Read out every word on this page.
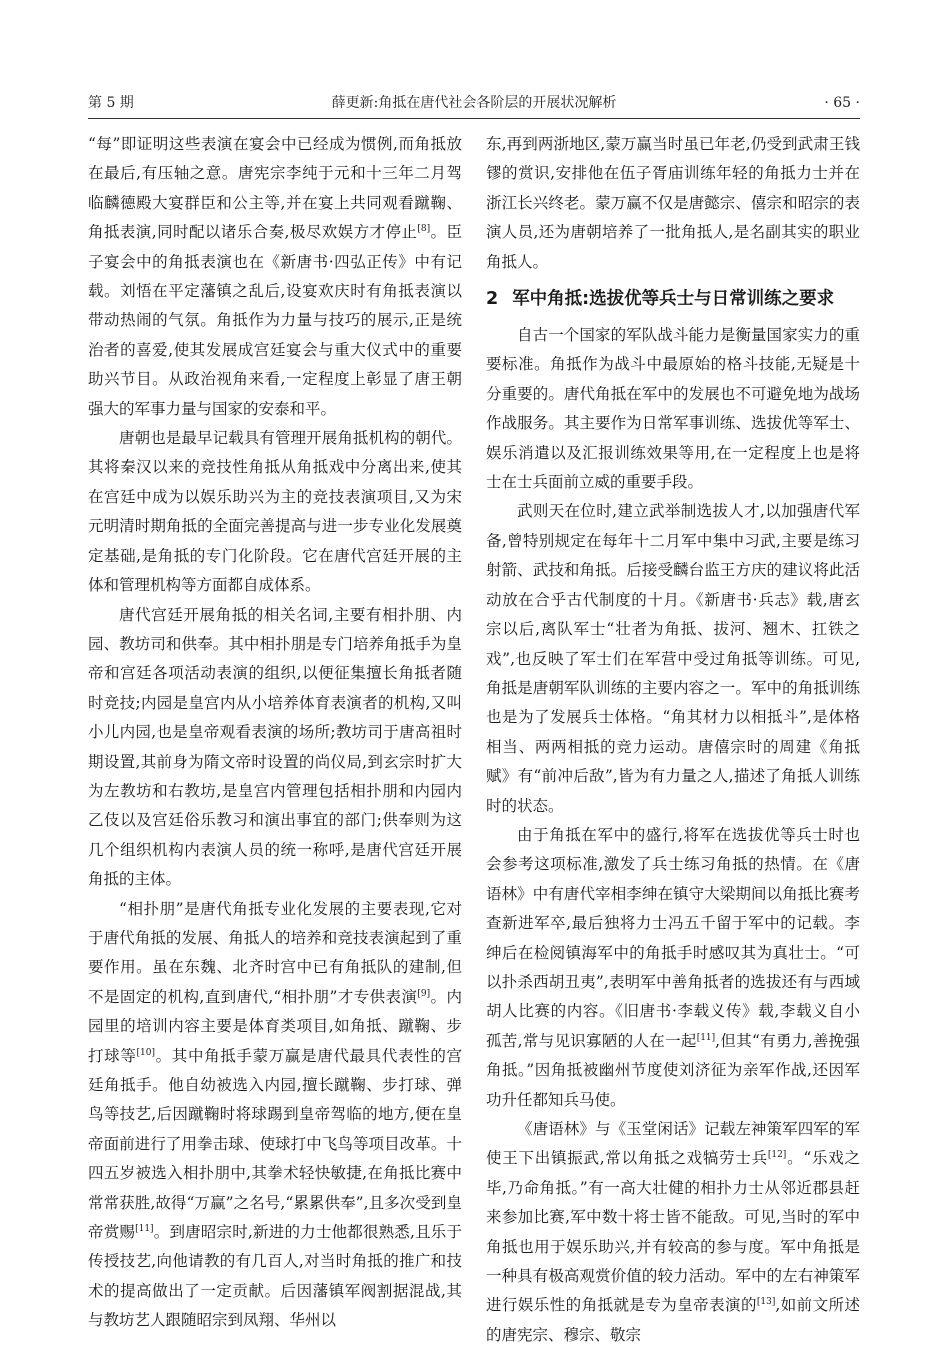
第 5 期	薛更新:角抵在唐代社会各阶层的开展状况解析	· 65 ·

“每”即证明这些表演在宴会中已经成为惯例,而角抵放在最后,有压轴之意。唐宪宗李纯于元和十三年二月驾临麟德殿大宴群臣和公主等,并在宴上共同观看蹴鞠、角抵表演,同时配以诸乐合奏,极尽欢娱方才停止[8]。臣子宴会中的角抵表演也在《新唐书·四弘正传》中有记载。刘悟在平定藩镇之乱后,设宴欢庆时有角抵表演以带动热闹的气氛。角抵作为力量与技巧的展示,正是统治者的喜爱,使其发展成宫廷宴会与重大仪式中的重要助兴节目。从政治视角来看,一定程度上彰显了唐王朝强大的军事力量与国家的安泰和平。

唐朝也是最早记载具有管理开展角抵机构的朝代。其将秦汉以来的竞技性角抵从角抵戏中分离出来,使其在宫廷中成为以娱乐助兴为主的竞技表演项目,又为宋元明清时期角抵的全面完善提高与进一步专业化发展奠定基础,是角抵的专门化阶段。它在唐代宫廷开展的主体和管理机构等方面都自成体系。

唐代宫廷开展角抵的相关名词,主要有相扑朋、内园、教坊司和供奉。其中相扑朋是专门培养角抵手为皇帝和宫廷各项活动表演的组织,以便征集擅长角抵者随时竞技;内园是皇宫内从小培养体育表演者的机构,又叫小儿内园,也是皇帝观看表演的场所;教坊司于唐高祖时期设置,其前身为隋文帝时设置的尚仪局,到玄宗时扩大为左教坊和右教坊,是皇宫内管理包括相扑朋和内园内乙伎以及宫廷俗乐教习和演出事宜的部门;供奉则为这几个组织机构内表演人员的统一称呼,是唐代宫廷开展角抵的主体。

“相扑朋”是唐代角抵专业化发展的主要表现,它对于唐代角抵的发展、角抵人的培养和竞技表演起到了重要作用。虽在东魏、北齐时宫中已有角抵队的建制,但不是固定的机构,直到唐代,“相扑朋”才专供表演[9]。内园里的培训内容主要是体育类项目,如角抵、蹴鞠、步打球等[10]。其中角抵手蒙万赢是唐代最具代表性的宫廷角抵手。他自幼被选入内园,擅长蹴鞠、步打球、弹鸟等技艺,后因蹴鞠时将球踢到皇帝驾临的地方,便在皇帝面前进行了用拳击球、使球打中飞鸟等项目改革。十四五岁被选入相扑朋中,其拳术轻快敏捷,在角抵比赛中常常获胜,故得“万赢”之名号,“累累供奉”,且多次受到皇帝赏赐[11]。到唐昭宗时,新进的力士他都很熟悉,且乐于传授技艺,向他请教的有几百人,对当时角抵的推广和技术的提高做出了一定贡献。后因藩镇军阀割据混战,其与教坊艺人跟随昭宗到凤翔、华州以

东,再到两浙地区,蒙万赢当时虽已年老,仍受到武肃王钱镠的赏识,安排他在伍子胥庙训练年轻的角抵力士并在浙江长兴终老。蒙万赢不仅是唐懿宗、僖宗和昭宗的表演人员,还为唐朝培养了一批角抵人,是名副其实的职业角抵人。

2 军中角抵:选拔优等兵士与日常训练之要求

自古一个国家的军队战斗能力是衡量国家实力的重要标准。角抵作为战斗中最原始的格斗技能,无疑是十分重要的。唐代角抵在军中的发展也不可避免地为战场作战服务。其主要作为日常军事训练、选拔优等军士、娱乐消遣以及汇报训练效果等用,在一定程度上也是将士在士兵面前立威的重要手段。

武则天在位时,建立武举制选拔人才,以加强唐代军备,曾特别规定在每年十二月军中集中习武,主要是练习射箭、武技和角抵。后接受麟台监王方庆的建议将此活动放在合乎古代制度的十月。《新唐书·兵志》载,唐玄宗以后,离队军士“壮者为角抵、拔河、翘木、扛铁之戏”,也反映了军士们在军营中受过角抵等训练。可见,角抵是唐朝军队训练的主要内容之一。军中的角抵训练也是为了发展兵士体格。“角其材力以相抵斗”,是体格相当、两两相抵的竞力运动。唐僖宗时的周建《角抵赋》有“前冲后敌”,皆为有力量之人,描述了角抵人训练时的状态。

由于角抵在军中的盛行,将军在选拔优等兵士时也会参考这项标准,激发了兵士练习角抵的热情。在《唐语林》中有唐代宰相李绅在镇守大梁期间以角抵比赛考查新进军卒,最后独将力士冯五千留于军中的记载。李绅后在检阅镇海军中的角抵手时感叹其为真壮士。“可以扑杀西胡丑夷”,表明军中善角抵者的选拔还有与西域胡人比赛的内容。《旧唐书·李载义传》载,李载义自小孤苦,常与见识寡陋的人在一起[11],但其“有勇力,善挽强角抵。”因角抵被幽州节度使刘济征为亲军作战,还因军功升任都知兵马使。

《唐语林》与《玉堂闲话》记载左神策军四军的军使王下出镇振武,常以角抵之戏犒劳士兵[12]。“乐戏之毕,乃命角抵。”有一高大壮健的相扑力士从邻近郡县赶来参加比赛,军中数十将士皆不能敌。可见,当时的军中角抵也用于娱乐助兴,并有较高的参与度。军中角抵是一种具有极高观赏价值的较力活动。军中的左右神策军进行娱乐性的角抵就是专为皇帝表演的[13],如前文所述的唐宪宗、穆宗、敬宗
